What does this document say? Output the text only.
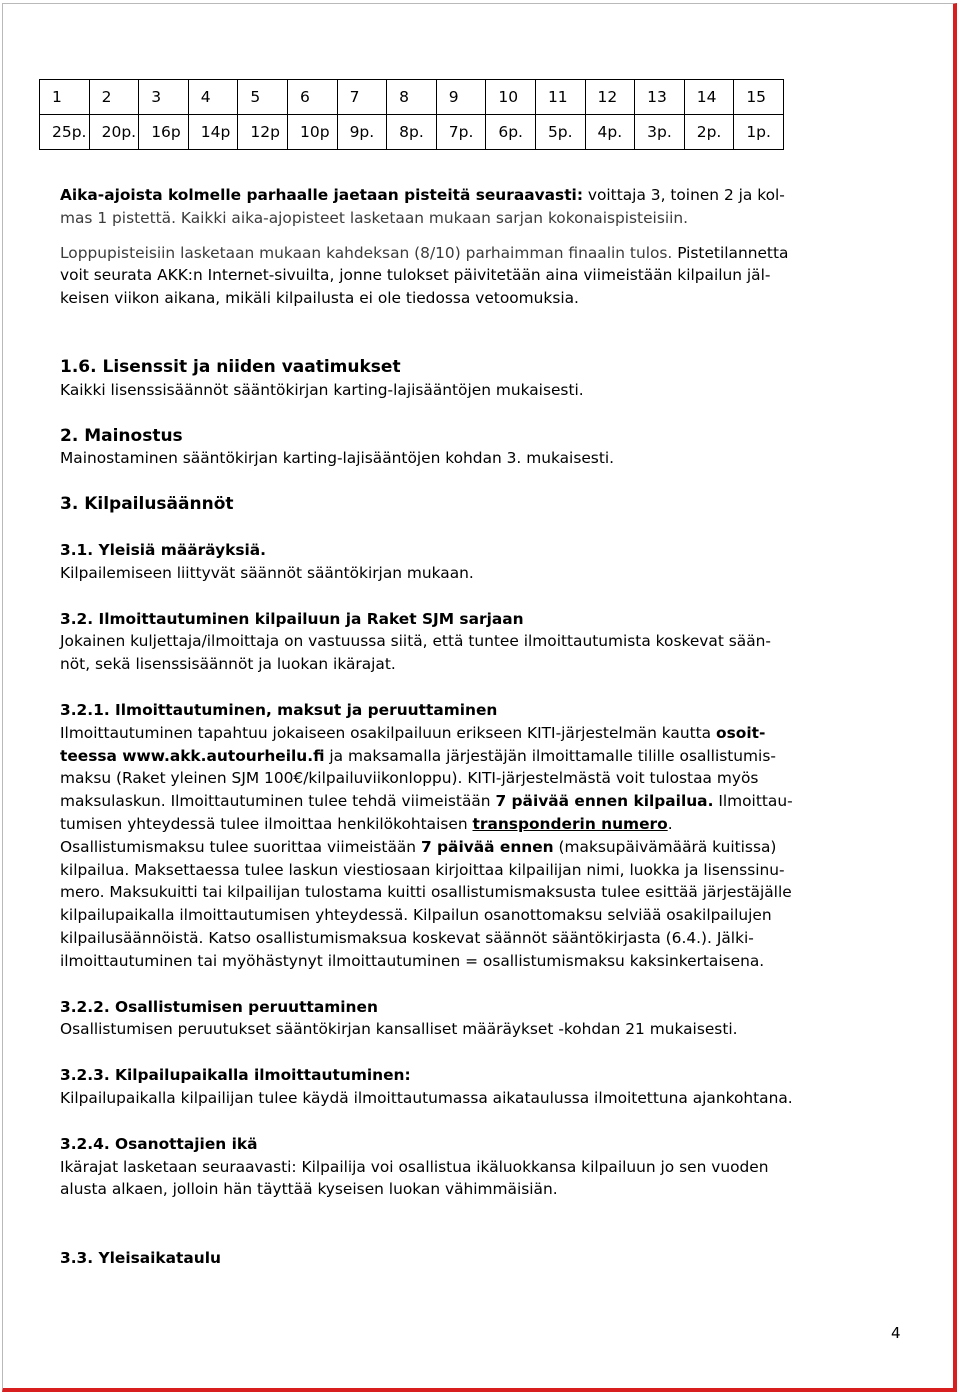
1	2	3	4	5	6	7	8	9	10	11	12	13	14	15
25p.	20p.	16p	14p	12p	10p	9p.	8p.	7p.	6p.	5p.	4p.	3p.	2p.	1p.

Aika-ajoista kolmelle parhaalle jaetaan pisteitä seuraavasti: voittaja 3, toinen 2 ja kol-

mas 1 pistettä. Kaikki aika-ajopisteet lasketaan mukaan sarjan kokonaispisteisiin.

Loppupisteisiin lasketaan mukaan kahdeksan (8/10) parhaimman finaalin tulos. Pistetilannetta

voit seurata AKK:n Internet-sivuilta, jonne tulokset päivitetään aina viimeistään kilpailun jäl-

keisen viikon aikana, mikäli kilpailusta ei ole tiedossa vetoomuksia.

1.6. Lisenssit ja niiden vaatimukset

Kaikki lisenssisäännöt sääntökirjan karting-lajisääntöjen mukaisesti.

2. Mainostus

Mainostaminen sääntökirjan karting-lajisääntöjen kohdan 3. mukaisesti.

3. Kilpailusäännöt

3.1. Yleisiä määräyksiä.

Kilpailemiseen liittyvät säännöt sääntökirjan mukaan.

3.2. Ilmoittautuminen kilpailuun ja Raket SJM sarjaan

Jokainen kuljettaja/ilmoittaja on vastuussa siitä, että tuntee ilmoittautumista koskevat sään-

nöt, sekä lisenssisäännöt ja luokan ikärajat.

3.2.1. Ilmoittautuminen, maksut ja peruuttaminen

Ilmoittautuminen tapahtuu jokaiseen osakilpailuun erikseen KITI-järjestelmän kautta osoit-

teessa www.akk.autourheilu.fi ja maksamalla järjestäjän ilmoittamalle tilille osallistumis-

maksu (Raket yleinen SJM 100€/kilpailuviikonloppu). KITI-järjestelmästä voit tulostaa myös

maksulaskun. Ilmoittautuminen tulee tehdä viimeistään 7 päivää ennen kilpailua. Ilmoittau-

tumisen yhteydessä tulee ilmoittaa henkilökohtaisen transponderin numero.

Osallistumismaksu tulee suorittaa viimeistään 7 päivää ennen (maksupäivämäärä kuitissa)

kilpailua. Maksettaessa tulee laskun viestiosaan kirjoittaa kilpailijan nimi, luokka ja lisenssinu-

mero. Maksukuitti tai kilpailijan tulostama kuitti osallistumismaksusta tulee esittää järjestäjälle

kilpailupaikalla ilmoittautumisen yhteydessä. Kilpailun osanottomaksu selviää osakilpailujen

kilpailusäännöistä. Katso osallistumismaksua koskevat säännöt sääntökirjasta (6.4.). Jälki-

ilmoittautuminen tai myöhästynyt ilmoittautuminen = osallistumismaksu kaksinkertaisena.

3.2.2. Osallistumisen peruuttaminen

Osallistumisen peruutukset sääntökirjan kansalliset määräykset -kohdan 21 mukaisesti.

3.2.3. Kilpailupaikalla ilmoittautuminen:

Kilpailupaikalla kilpailijan tulee käydä ilmoittautumassa aikataulussa ilmoitettuna ajankohtana.

3.2.4. Osanottajien ikä

Ikärajat lasketaan seuraavasti: Kilpailija voi osallistua ikäluokkansa kilpailuun jo sen vuoden

alusta alkaen, jolloin hän täyttää kyseisen luokan vähimmäisiän.

3.3. Yleisaikataulu

4
